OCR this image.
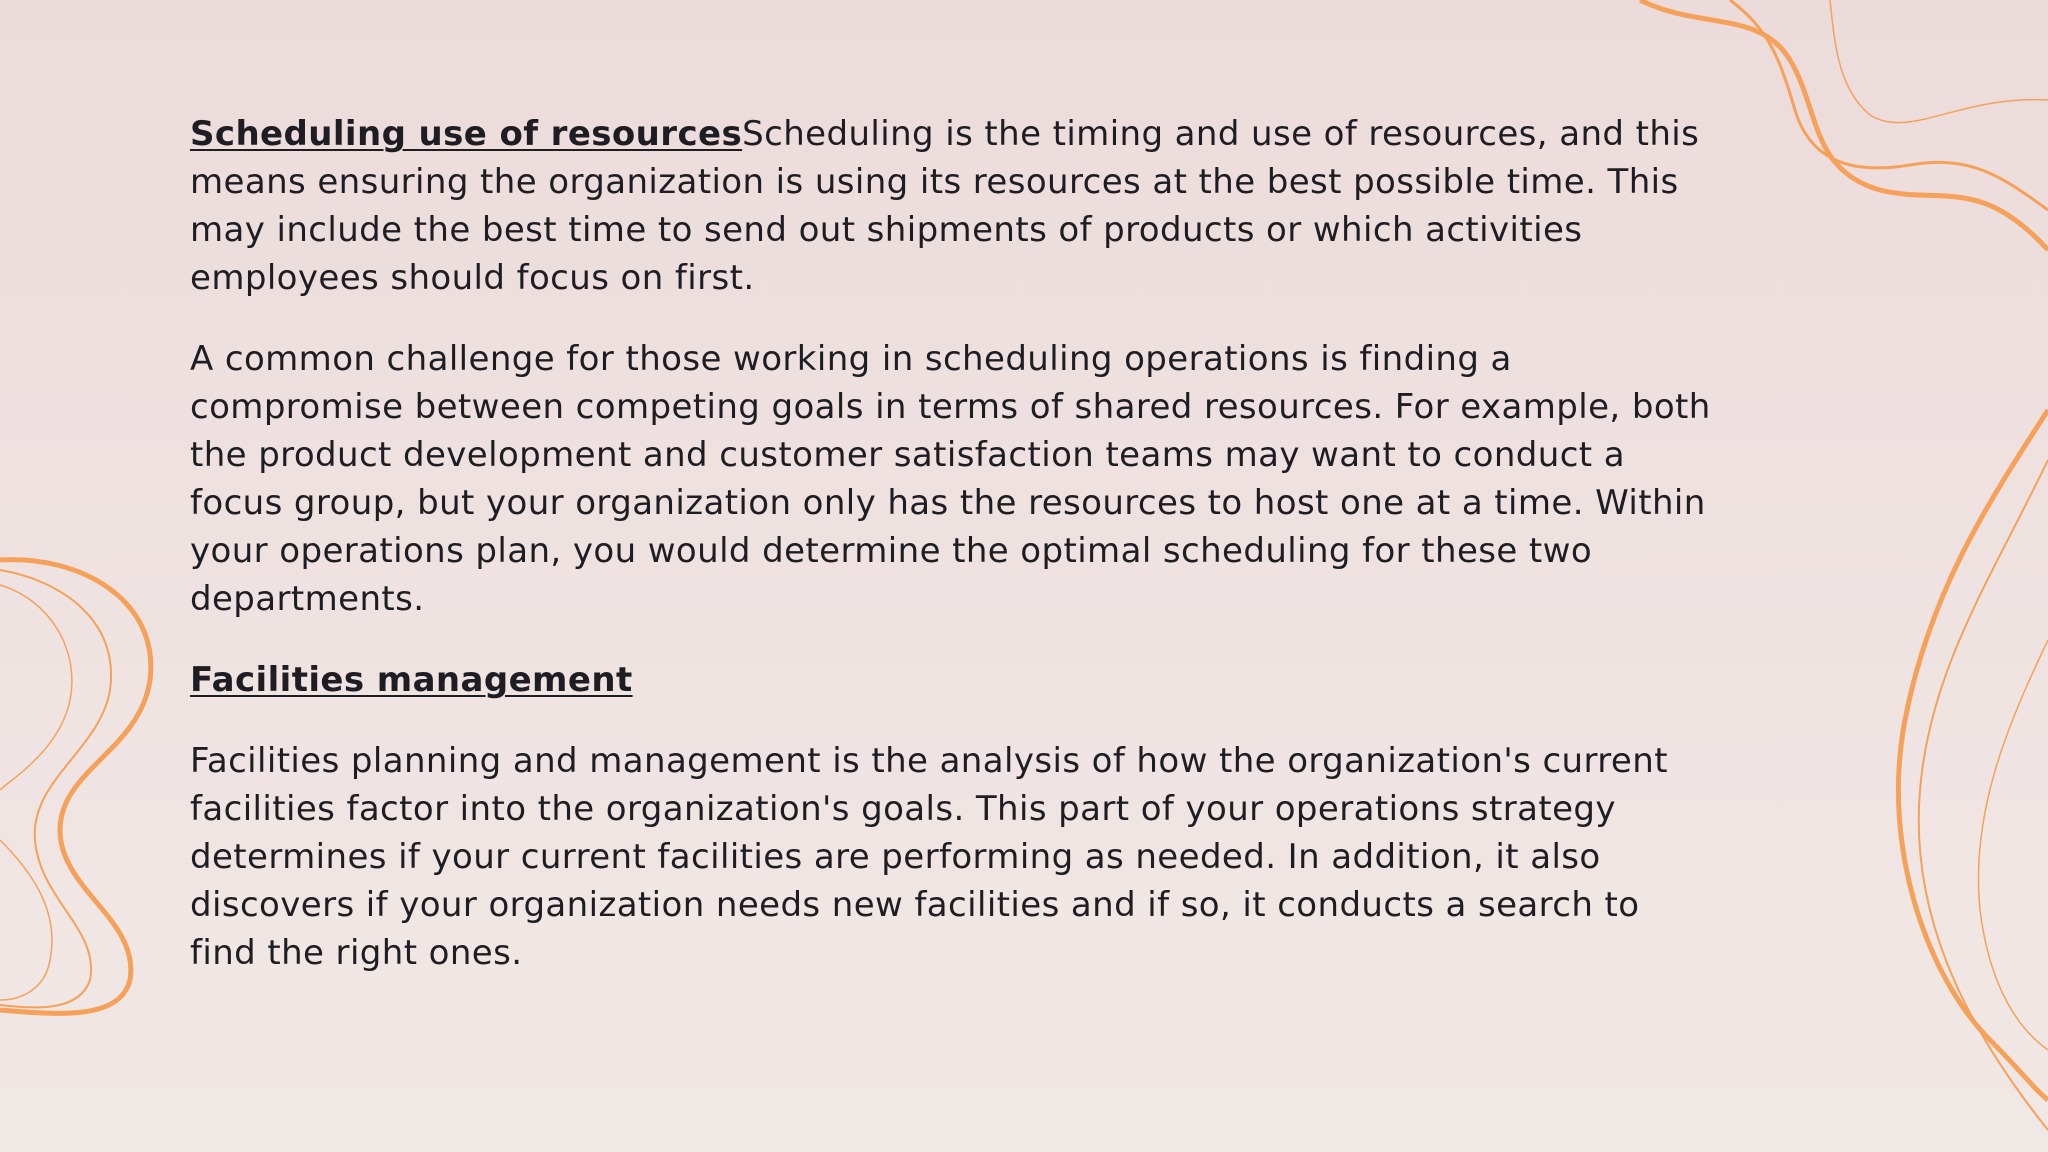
Scheduling use of resourcesScheduling is the timing and use of resources, and this
means ensuring the organization is using its resources at the best possible time. This
may include the best time to send out shipments of products or which activities
employees should focus on first.

A common challenge for those working in scheduling operations is finding a
compromise between competing goals in terms of shared resources. For example, both
the product development and customer satisfaction teams may want to conduct a
focus group, but your organization only has the resources to host one at a time. Within
your operations plan, you would determine the optimal scheduling for these two
departments.

Facilities management

Facilities planning and management is the analysis of how the organization's current
facilities factor into the organization's goals. This part of your operations strategy
determines if your current facilities are performing as needed. In addition, it also
discovers if your organization needs new facilities and if so, it conducts a search to
find the right ones.
